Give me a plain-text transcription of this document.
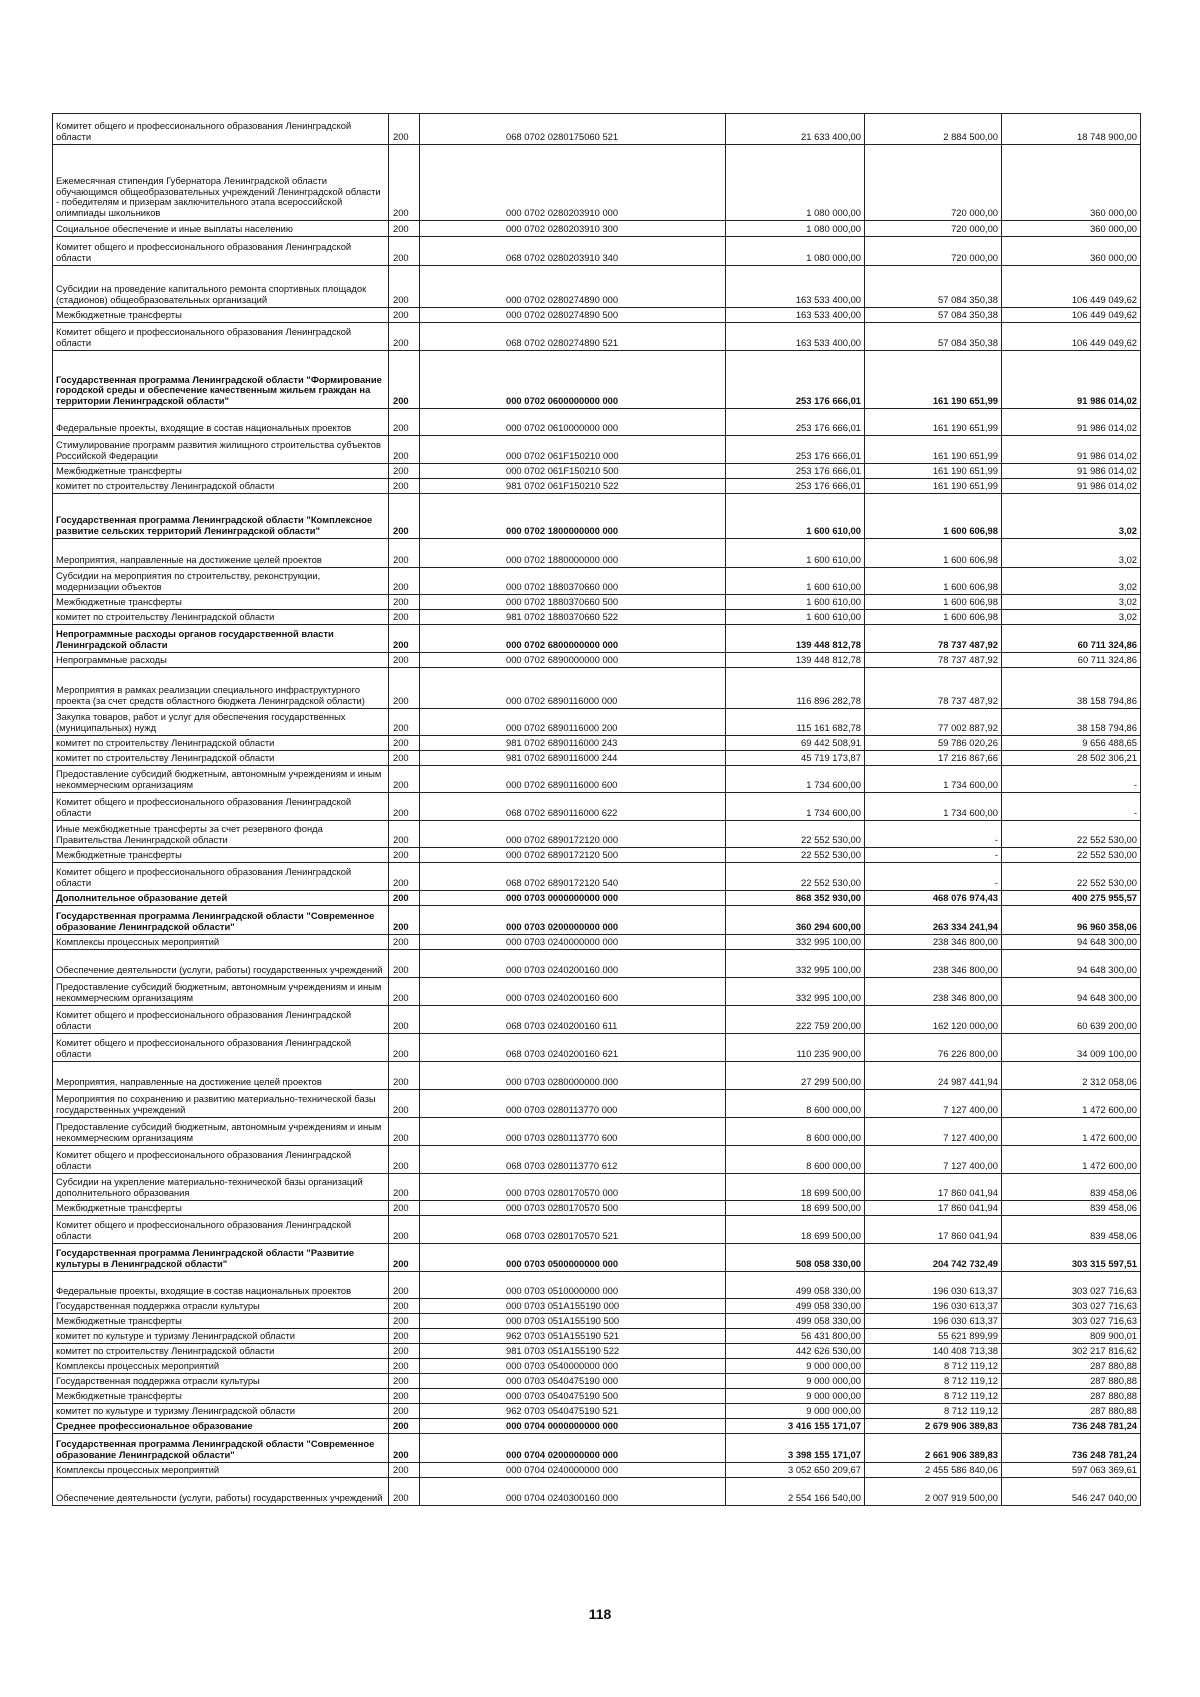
Комитет общего и профессионального образования Ленинградской области	200	068 0702 0280175060 521	21 633 400,00	2 884 500,00	18 748 900,00
Ежемесячная стипендия Губернатора Ленинградской области обучающимся общеобразовательных учреждений Ленинградской области - победителям и призерам заключительного этапа всероссийской олимпиады школьников	200	000 0702 0280203910 000	1 080 000,00	720 000,00	360 000,00
Социальное обеспечение и иные выплаты населению	200	000 0702 0280203910 300	1 080 000,00	720 000,00	360 000,00
Комитет общего и профессионального образования Ленинградской области	200	068 0702 0280203910 340	1 080 000,00	720 000,00	360 000,00
Субсидии на проведение капитального ремонта спортивных площадок (стадионов) общеобразовательных организаций	200	000 0702 0280274890 000	163 533 400,00	57 084 350,38	106 449 049,62
Межбюджетные трансферты	200	000 0702 0280274890 500	163 533 400,00	57 084 350,38	106 449 049,62
Комитет общего и профессионального образования Ленинградской области	200	068 0702 0280274890 521	163 533 400,00	57 084 350,38	106 449 049,62
Государственная программа Ленинградской области "Формирование городской среды и обеспечение качественным жильем граждан на территории Ленинградской области"	200	000 0702 0600000000 000	253 176 666,01	161 190 651,99	91 986 014,02
Федеральные проекты, входящие в состав национальных проектов	200	000 0702 0610000000 000	253 176 666,01	161 190 651,99	91 986 014,02
Стимулирование программ развития жилищного строительства субъектов Российской Федерации	200	000 0702 061F150210 000	253 176 666,01	161 190 651,99	91 986 014,02
Межбюджетные трансферты	200	000 0702 061F150210 500	253 176 666,01	161 190 651,99	91 986 014,02
комитет по строительству Ленинградской области	200	981 0702 061F150210 522	253 176 666,01	161 190 651,99	91 986 014,02
Государственная программа Ленинградской области "Комплексное развитие сельских территорий Ленинградской области"	200	000 0702 1800000000 000	1 600 610,00	1 600 606,98	3,02
Мероприятия, направленные на достижение целей проектов	200	000 0702 1880000000 000	1 600 610,00	1 600 606,98	3,02
Субсидии на мероприятия по строительству, реконструкции, модернизации объектов	200	000 0702 1880370660 000	1 600 610,00	1 600 606,98	3,02
Межбюджетные трансферты	200	000 0702 1880370660 500	1 600 610,00	1 600 606,98	3,02
комитет по строительству Ленинградской области	200	981 0702 1880370660 522	1 600 610,00	1 600 606,98	3,02
Непрограммные расходы органов государственной власти Ленинградской области	200	000 0702 6800000000 000	139 448 812,78	78 737 487,92	60 711 324,86
Непрограммные расходы	200	000 0702 6890000000 000	139 448 812,78	78 737 487,92	60 711 324,86
Мероприятия в рамках реализации специального инфраструктурного проекта (за счет средств областного бюджета Ленинградской области)	200	000 0702 6890116000 000	116 896 282,78	78 737 487,92	38 158 794,86
Закупка товаров, работ и услуг для обеспечения государственных (муниципальных) нужд	200	000 0702 6890116000 200	115 161 682,78	77 002 887,92	38 158 794,86
комитет по строительству Ленинградской области	200	981 0702 6890116000 243	69 442 508,91	59 786 020,26	9 656 488,65
комитет по строительству Ленинградской области	200	981 0702 6890116000 244	45 719 173,87	17 216 867,66	28 502 306,21
Предоставление субсидий бюджетным, автономным учреждениям и иным некоммерческим организациям	200	000 0702 6890116000 600	1 734 600,00	1 734 600,00	-
Комитет общего и профессионального образования Ленинградской области	200	068 0702 6890116000 622	1 734 600,00	1 734 600,00	-
Иные межбюджетные трансферты за счет резервного фонда Правительства Ленинградской области	200	000 0702 6890172120 000	22 552 530,00	-	22 552 530,00
Межбюджетные трансферты	200	000 0702 6890172120 500	22 552 530,00	-	22 552 530,00
Комитет общего и профессионального образования Ленинградской области	200	068 0702 6890172120 540	22 552 530,00	-	22 552 530,00
Дополнительное образование детей	200	000 0703 0000000000 000	868 352 930,00	468 076 974,43	400 275 955,57
Государственная программа Ленинградской области "Современное образование Ленинградской области"	200	000 0703 0200000000 000	360 294 600,00	263 334 241,94	96 960 358,06
Комплексы процессных мероприятий	200	000 0703 0240000000 000	332 995 100,00	238 346 800,00	94 648 300,00
Обеспечение деятельности (услуги, работы) государственных учреждений	200	000 0703 0240200160 000	332 995 100,00	238 346 800,00	94 648 300,00
Предоставление субсидий бюджетным, автономным учреждениям и иным некоммерческим организациям	200	000 0703 0240200160 600	332 995 100,00	238 346 800,00	94 648 300,00
Комитет общего и профессионального образования Ленинградской области	200	068 0703 0240200160 611	222 759 200,00	162 120 000,00	60 639 200,00
Комитет общего и профессионального образования Ленинградской области	200	068 0703 0240200160 621	110 235 900,00	76 226 800,00	34 009 100,00
Мероприятия, направленные на достижение целей проектов	200	000 0703 0280000000 000	27 299 500,00	24 987 441,94	2 312 058,06
Мероприятия по сохранению и развитию материально-технической базы государственных учреждений	200	000 0703 0280113770 000	8 600 000,00	7 127 400,00	1 472 600,00
Предоставление субсидий бюджетным, автономным учреждениям и иным некоммерческим организациям	200	000 0703 0280113770 600	8 600 000,00	7 127 400,00	1 472 600,00
Комитет общего и профессионального образования Ленинградской области	200	068 0703 0280113770 612	8 600 000,00	7 127 400,00	1 472 600,00
Субсидии на укрепление материально-технической базы организаций дополнительного образования	200	000 0703 0280170570 000	18 699 500,00	17 860 041,94	839 458,06
Межбюджетные трансферты	200	000 0703 0280170570 500	18 699 500,00	17 860 041,94	839 458,06
Комитет общего и профессионального образования Ленинградской области	200	068 0703 0280170570 521	18 699 500,00	17 860 041,94	839 458,06
Государственная программа Ленинградской области "Развитие культуры в Ленинградской области"	200	000 0703 0500000000 000	508 058 330,00	204 742 732,49	303 315 597,51
Федеральные проекты, входящие в состав национальных проектов	200	000 0703 0510000000 000	499 058 330,00	196 030 613,37	303 027 716,63
Государственная поддержка отрасли культуры	200	000 0703 051A155190 000	499 058 330,00	196 030 613,37	303 027 716,63
Межбюджетные трансферты	200	000 0703 051A155190 500	499 058 330,00	196 030 613,37	303 027 716,63
комитет по культуре и туризму Ленинградской области	200	962 0703 051A155190 521	56 431 800,00	55 621 899,99	809 900,01
комитет по строительству Ленинградской области	200	981 0703 051A155190 522	442 626 530,00	140 408 713,38	302 217 816,62
Комплексы процессных мероприятий	200	000 0703 0540000000 000	9 000 000,00	8 712 119,12	287 880,88
Государственная поддержка отрасли культуры	200	000 0703 0540475190 000	9 000 000,00	8 712 119,12	287 880,88
Межбюджетные трансферты	200	000 0703 0540475190 500	9 000 000,00	8 712 119,12	287 880,88
комитет по культуре и туризму Ленинградской области	200	962 0703 0540475190 521	9 000 000,00	8 712 119,12	287 880,88
Среднее профессиональное образование	200	000 0704 0000000000 000	3 416 155 171,07	2 679 906 389,83	736 248 781,24
Государственная программа Ленинградской области "Современное образование Ленинградской области"	200	000 0704 0200000000 000	3 398 155 171,07	2 661 906 389,83	736 248 781,24
Комплексы процессных мероприятий	200	000 0704 0240000000 000	3 052 650 209,67	2 455 586 840,06	597 063 369,61
Обеспечение деятельности (услуги, работы) государственных учреждений	200	000 0704 0240300160 000	2 554 166 540,00	2 007 919 500,00	546 247 040,00
118
